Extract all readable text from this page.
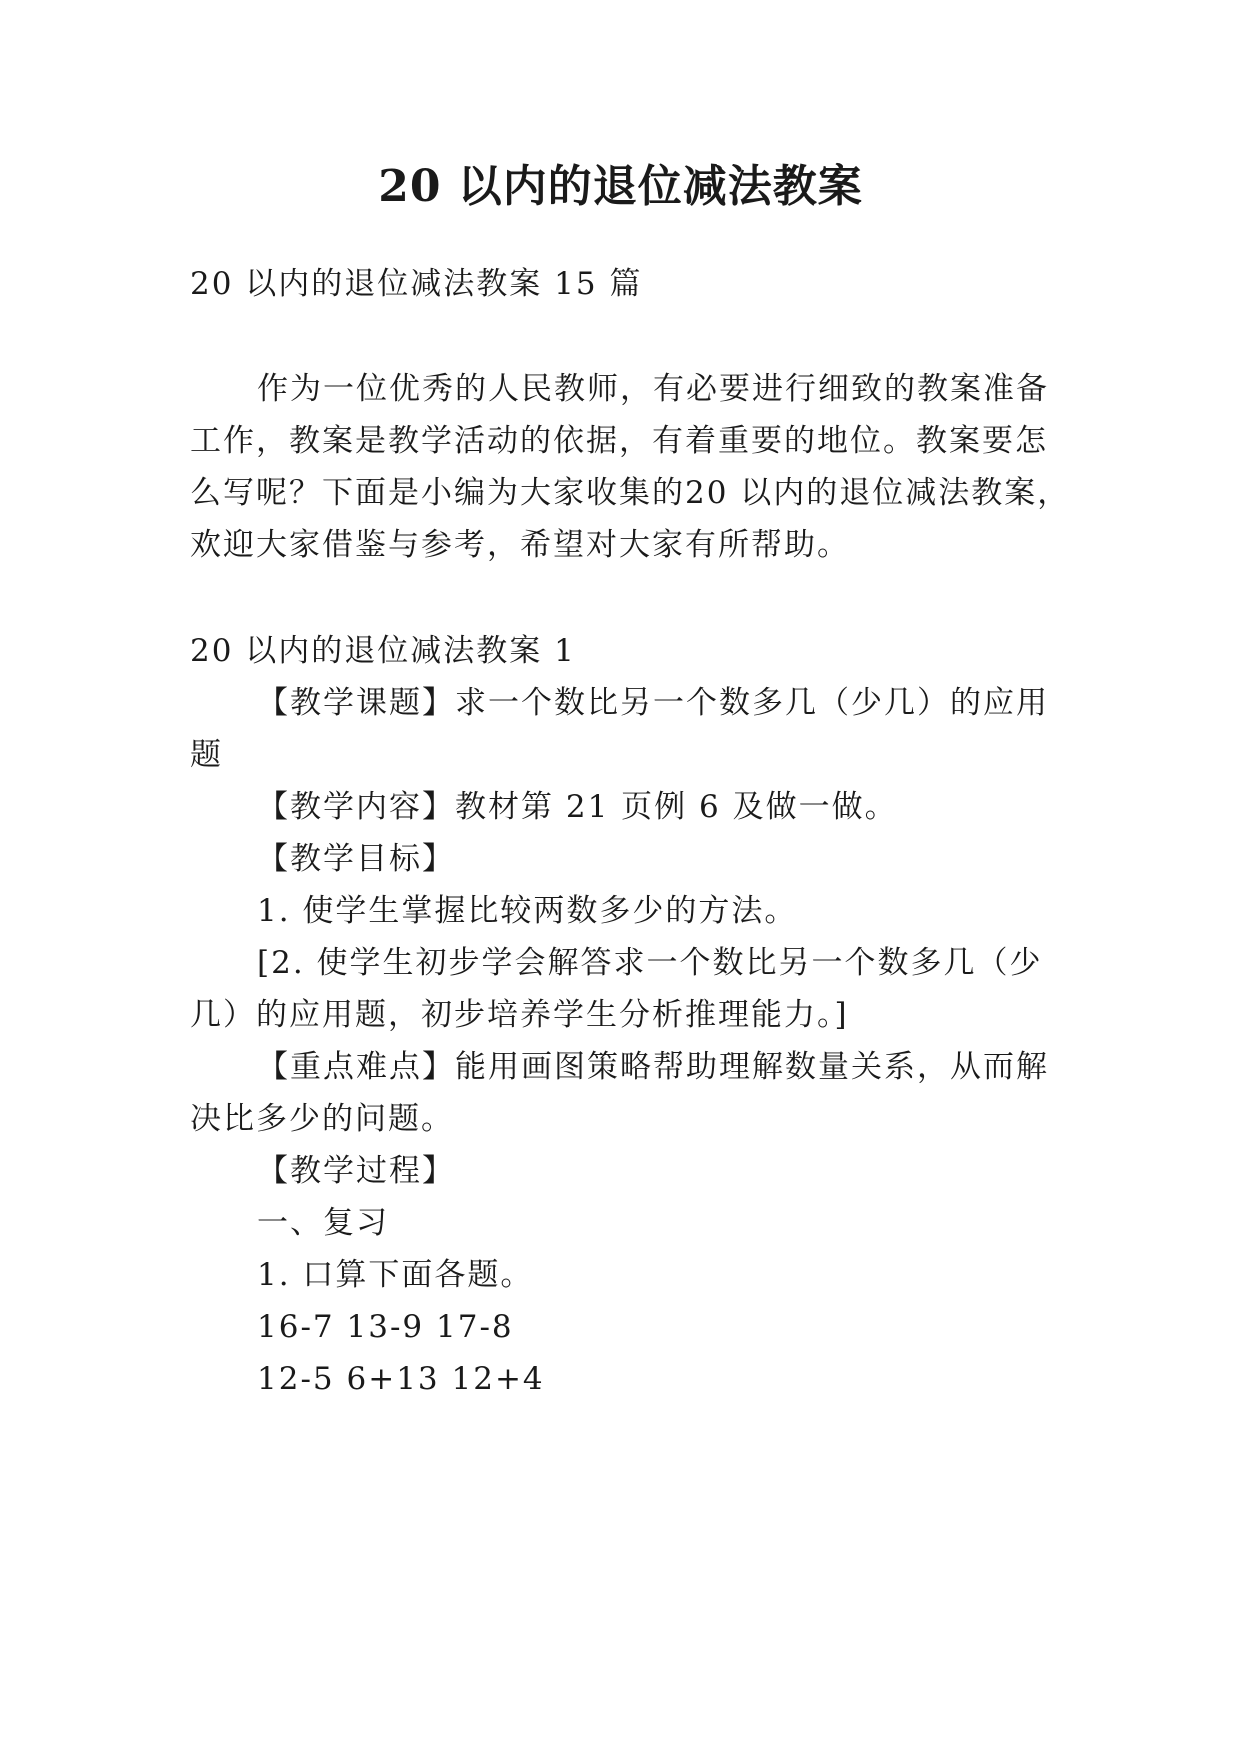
20 以内的退位减法教案
20 以内的退位减法教案 15 篇
作为一位优秀的人民教师，有必要进行细致的教案准备
工作，教案是教学活动的依据，有着重要的地位。教案要怎
么写呢？下面是小编为大家收集的20 以内的退位减法教案，
欢迎大家借鉴与参考，希望对大家有所帮助。
20 以内的退位减法教案 1
【教学课题】求一个数比另一个数多几（少几）的应用
题
【教学内容】教材第 21 页例 6 及做一做。
【教学目标】
1. 使学生掌握比较两数多少的方法。
[2. 使学生初步学会解答求一个数比另一个数多几（少
几）的应用题，初步培养学生分析推理能力。]
【重点难点】能用画图策略帮助理解数量关系，从而解
决比多少的问题。
【教学过程】
一、复习
1. 口算下面各题。
16-7 13-9 17-8
12-5 6+13 12+4
